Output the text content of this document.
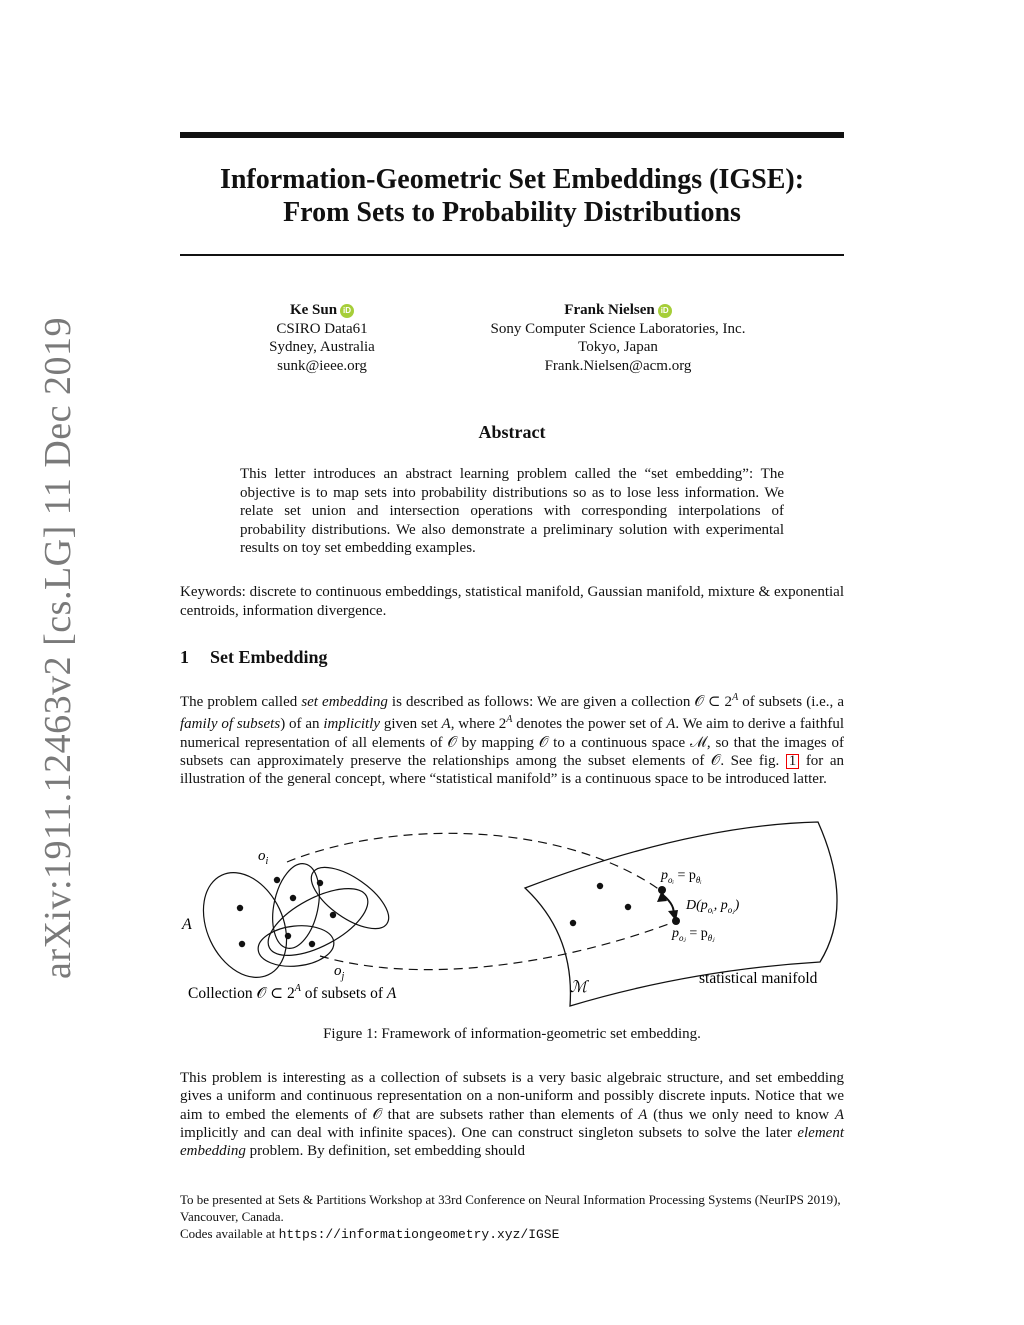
arXiv:1911.12463v2 [cs.LG] 11 Dec 2019
Information-Geometric Set Embeddings (IGSE):
From Sets to Probability Distributions
Ke Sun iD
CSIRO Data61
Sydney, Australia
sunk@ieee.org
Frank Nielsen iD
Sony Computer Science Laboratories, Inc.
Tokyo, Japan
Frank.Nielsen@acm.org
Abstract
This letter introduces an abstract learning problem called the “set embedding”: The objective is to map sets into probability distributions so as to lose less information. We relate set union and intersection operations with corresponding interpolations of probability distributions. We also demonstrate a preliminary solution with experimental results on toy set embedding examples.
Keywords: discrete to continuous embeddings, statistical manifold, Gaussian manifold, mixture & exponential centroids, information divergence.
1 Set Embedding
The problem called set embedding is described as follows: We are given a collection 𝒪 ⊂ $2^A$ of subsets (i.e., a family of subsets) of an implicitly given set A, where $2^A$ denotes the power set of A. We aim to derive a faithful numerical representation of all elements of 𝒪 by mapping 𝒪 to a continuous space ℳ, so that the images of subsets can approximately preserve the relationships among the subset elements of 𝒪. See fig. 1 for an illustration of the general concept, where “statistical manifold” is a continuous space to be introduced latter.
$o_i$
$o_j$
A
Collection 𝒪 ⊂ $2^A$ of subsets of A
$p_{oᵢ} = p_{\theta ᵢ}$
$D(p_{oᵢ}$, $p_{oⱼ}$)
$p_{oⱼ} = p_{\theta ⱼ}$
ℳ
statistical manifold
Figure 1: Framework of information-geometric set embedding.
This problem is interesting as a collection of subsets is a very basic algebraic structure, and set embedding gives a uniform and continuous representation on a non-uniform and possibly discrete inputs. Notice that we aim to embed the elements of 𝒪 that are subsets rather than elements of A (thus we only need to know A implicitly and can deal with infinite spaces). One can construct singleton subsets to solve the later element embedding problem. By definition, set embedding should
To be presented at Sets & Partitions Workshop at 33rd Conference on Neural Information Processing Systems (NeurIPS 2019), Vancouver, Canada.
Codes available at https://informationgeometry.xyz/IGSE
